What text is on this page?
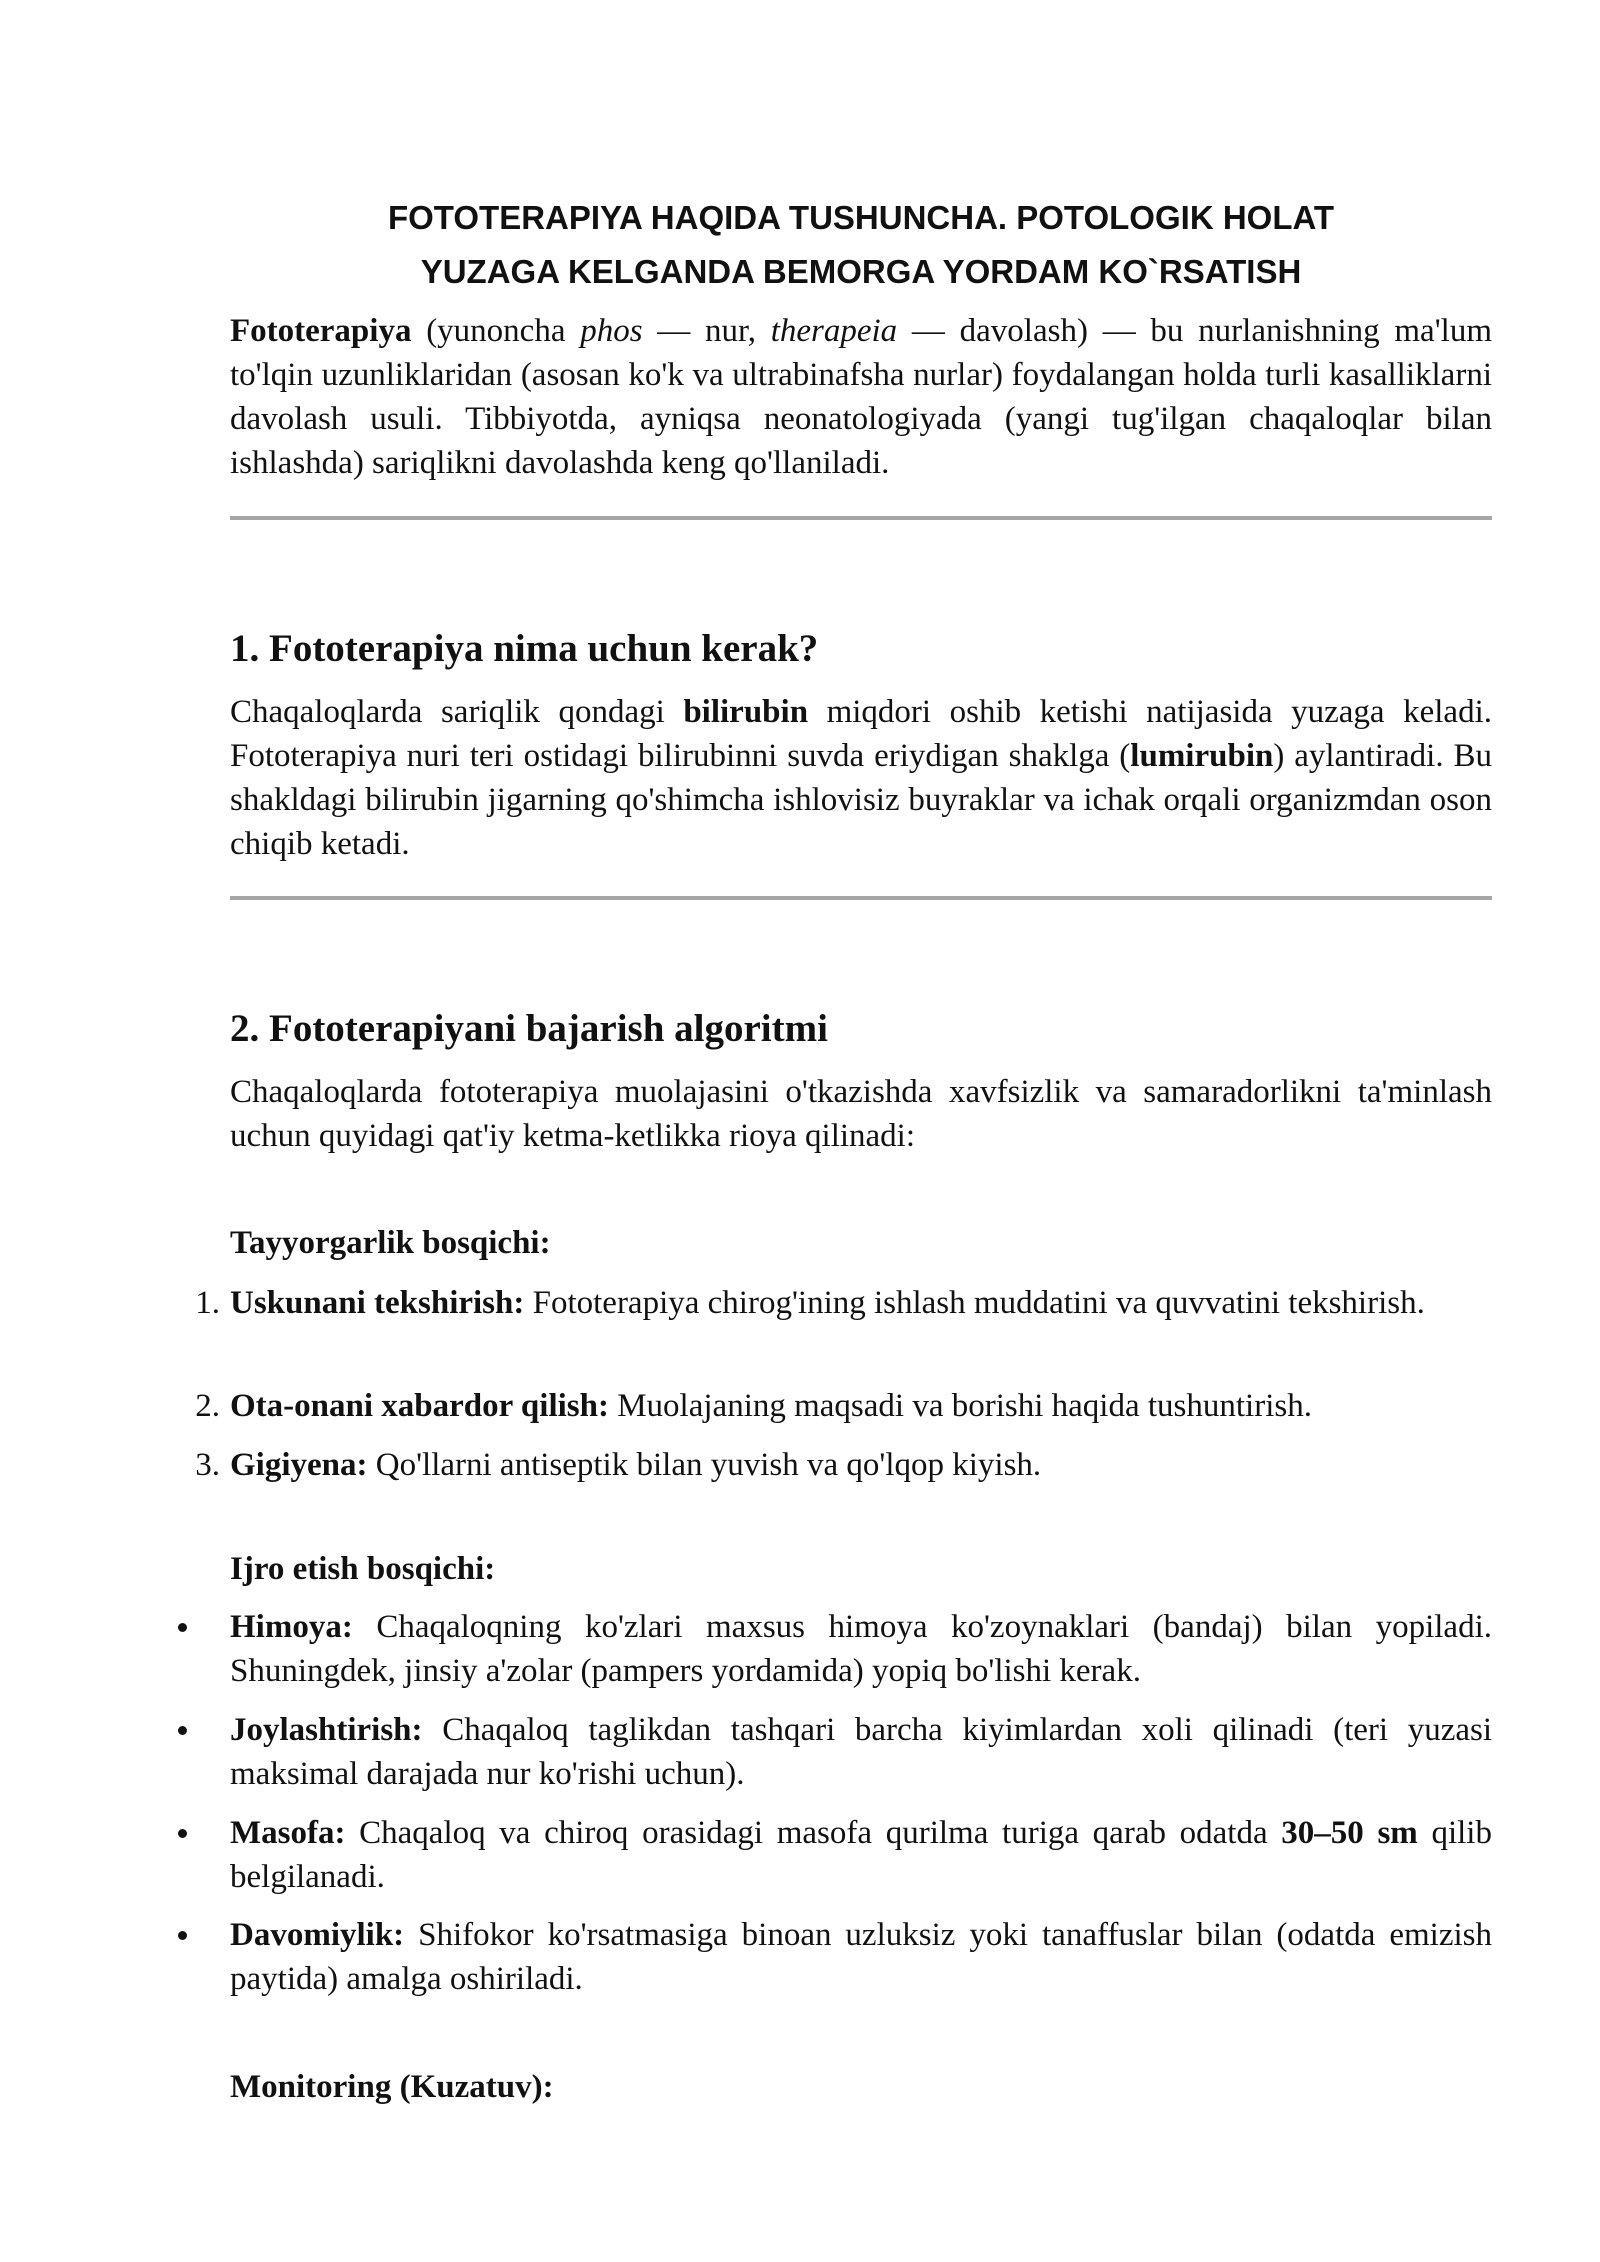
FOTOTERAPIYA HAQIDA TUSHUNCHA. POTOLOGIK HOLAT
YUZAGA KELGANDA BEMORGA YORDAM KO`RSATISH

Fototerapiya (yunoncha phos — nur, therapeia — davolash) — bu nurlanishning ma'lum to'lqin uzunliklaridan (asosan ko'k va ultrabinafsha nurlar) foydalangan holda turli kasalliklarni davolash usuli. Tibbiyotda, ayniqsa neonatologiyada (yangi tug'ilgan chaqaloqlar bilan ishlashda) sariqlikni davolashda keng qo'llaniladi.

1. Fototerapiya nima uchun kerak?

Chaqaloqlarda sariqlik qondagi bilirubin miqdori oshib ketishi natijasida yuzaga keladi. Fototerapiya nuri teri ostidagi bilirubinni suvda eriydigan shaklga (lumirubin) aylantiradi. Bu shakldagi bilirubin jigarning qo'shimcha ishlovisiz buyraklar va ichak orqali organizmdan oson chiqib ketadi.

2. Fototerapiyani bajarish algoritmi

Chaqaloqlarda fototerapiya muolajasini o'tkazishda xavfsizlik va samaradorlikni ta'minlash uchun quyidagi qat'iy ketma-ketlikka rioya qilinadi:

Tayyorgarlik bosqichi:
1. Uskunani tekshirish: Fototerapiya chirog'ining ishlash muddatini va quvvatini tekshirish.

2. Ota-onani xabardor qilish: Muolajaning maqsadi va borishi haqida tushuntirish.

3. Gigiyena: Qo'llarni antiseptik bilan yuvish va qo'lqop kiyish.

Ijro etish bosqichi:

Himoya: Chaqaloqning ko'zlari maxsus himoya ko'zoynaklari (bandaj) bilan yopiladi. Shuningdek, jinsiy a'zolar (pampers yordamida) yopiq bo'lishi kerak.

Joylashtirish: Chaqaloq taglikdan tashqari barcha kiyimlardan xoli qilinadi (teri yuzasi maksimal darajada nur ko'rishi uchun).

Masofa: Chaqaloq va chiroq orasidagi masofa qurilma turiga qarab odatda 30–50 sm qilib belgilanadi.

Davomiylik: Shifokor ko'rsatmasiga binoan uzluksiz yoki tanaffuslar bilan (odatda emizish paytida) amalga oshiriladi.

Monitoring (Kuzatuv):
